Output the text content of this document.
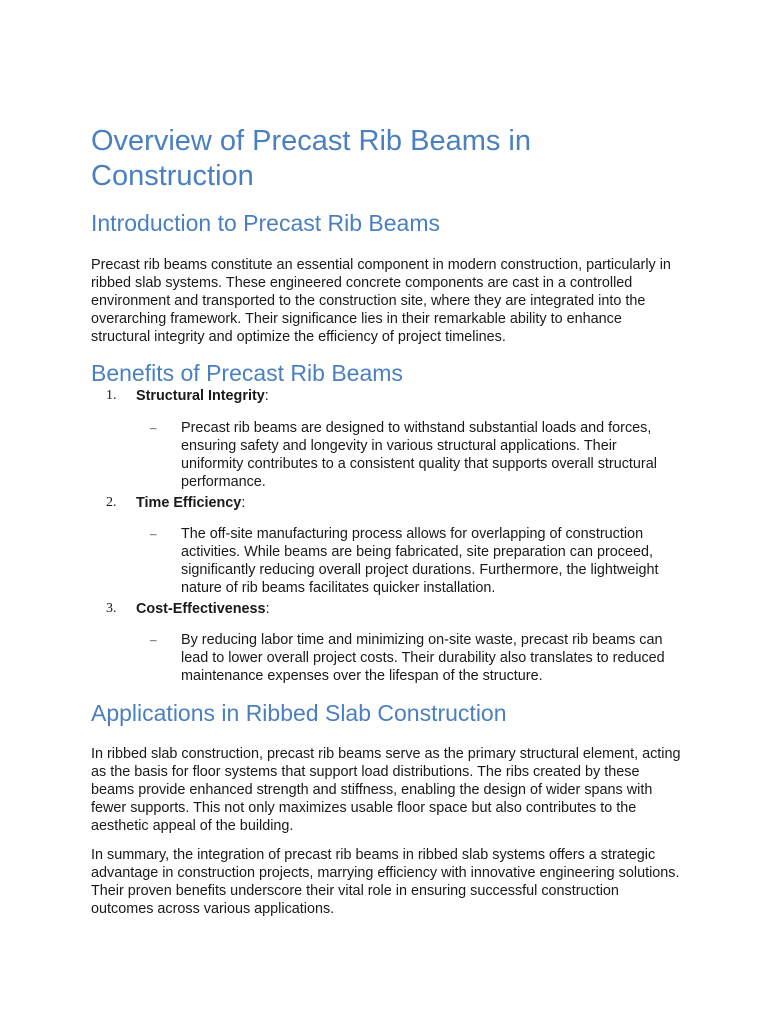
Overview of Precast Rib Beams in Construction
Introduction to Precast Rib Beams

Precast rib beams constitute an essential component in modern construction, particularly in ribbed slab systems. These engineered concrete components are cast in a controlled environment and transported to the construction site, where they are integrated into the overarching framework. Their significance lies in their remarkable ability to enhance structural integrity and optimize the efficiency of project timelines.

Benefits of Precast Rib Beams
1. Structural Integrity:
– Precast rib beams are designed to withstand substantial loads and forces, ensuring safety and longevity in various structural applications. Their uniformity contributes to a consistent quality that supports overall structural performance.
2. Time Efficiency:
– The off-site manufacturing process allows for overlapping of construction activities. While beams are being fabricated, site preparation can proceed, significantly reducing overall project durations. Furthermore, the lightweight nature of rib beams facilitates quicker installation.
3. Cost-Effectiveness:
– By reducing labor time and minimizing on-site waste, precast rib beams can lead to lower overall project costs. Their durability also translates to reduced maintenance expenses over the lifespan of the structure.
Applications in Ribbed Slab Construction

In ribbed slab construction, precast rib beams serve as the primary structural element, acting as the basis for floor systems that support load distributions. The ribs created by these beams provide enhanced strength and stiffness, enabling the design of wider spans with fewer supports. This not only maximizes usable floor space but also contributes to the aesthetic appeal of the building.

In summary, the integration of precast rib beams in ribbed slab systems offers a strategic advantage in construction projects, marrying efficiency with innovative engineering solutions. Their proven benefits underscore their vital role in ensuring successful construction outcomes across various applications.
